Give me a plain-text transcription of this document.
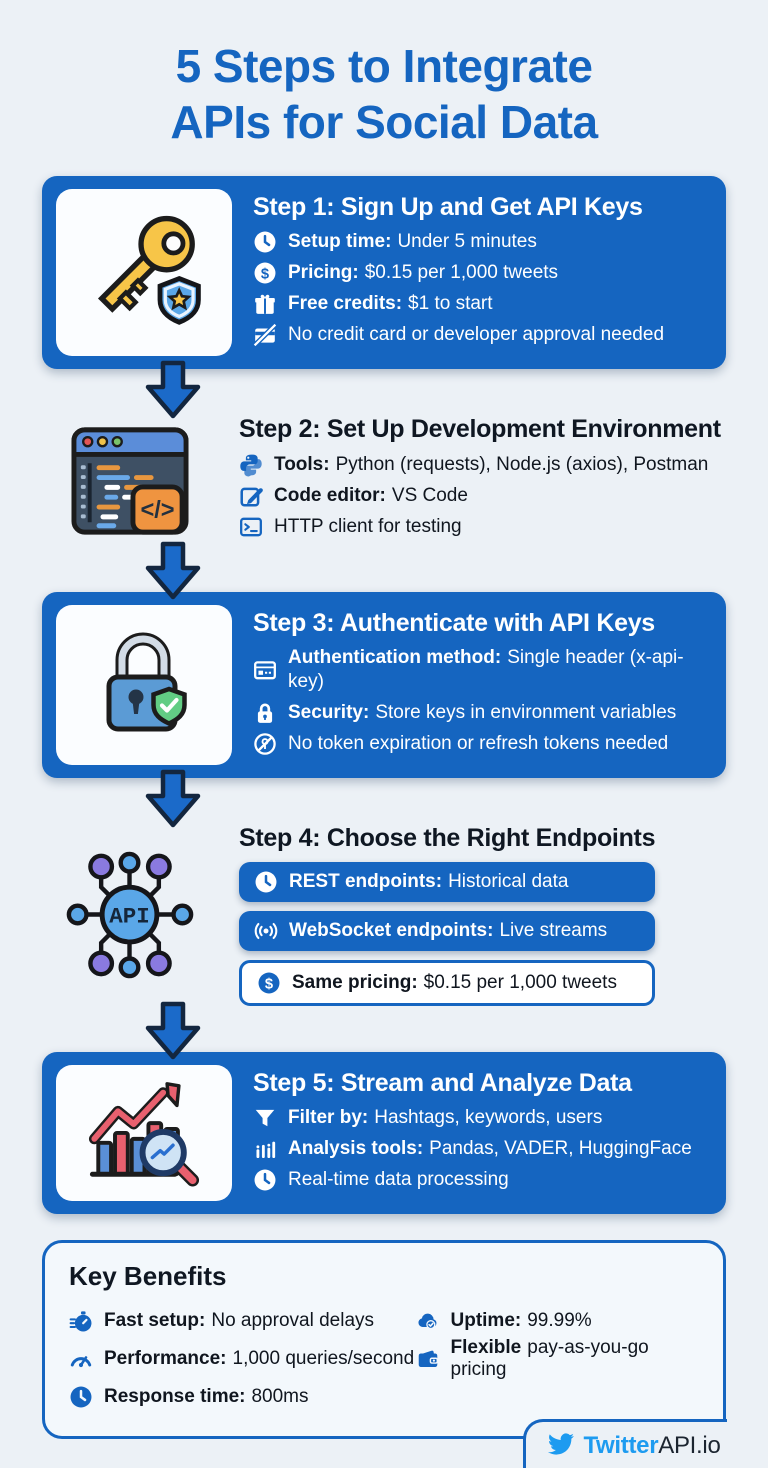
5 Steps to Integrate
APIs for Social Data
Step 1: Sign Up and Get API Keys
Setup time: Under 5 minutes
$ Pricing: $0.15 per 1,000 tweets
Free credits: $1 to start
No credit card or developer approval needed
</>
Step 2: Set Up Development Environment
Tools: Python (requests), Node.js (axios), Postman
Code editor: VS Code
HTTP client for testing
Step 3: Authenticate with API Keys
Authentication method: Single header (x-api-key)
Security: Store keys in environment variables
No token expiration or refresh tokens needed
API
Step 4: Choose the Right Endpoints
REST endpoints: Historical data
WebSocket endpoints: Live streams
$ Same pricing: $0.15 per 1,000 tweets
Step 5: Stream and Analyze Data
Filter by: Hashtags, keywords, users
Analysis tools: Pandas, VADER, HuggingFace
Real-time data processing
Key Benefits
Fast setup: No approval delays
Performance: 1,000 queries/second
Response time: 800ms
Uptime: 99.99%
Flexible pay-as-you-go pricing
TwitterAPI.io
